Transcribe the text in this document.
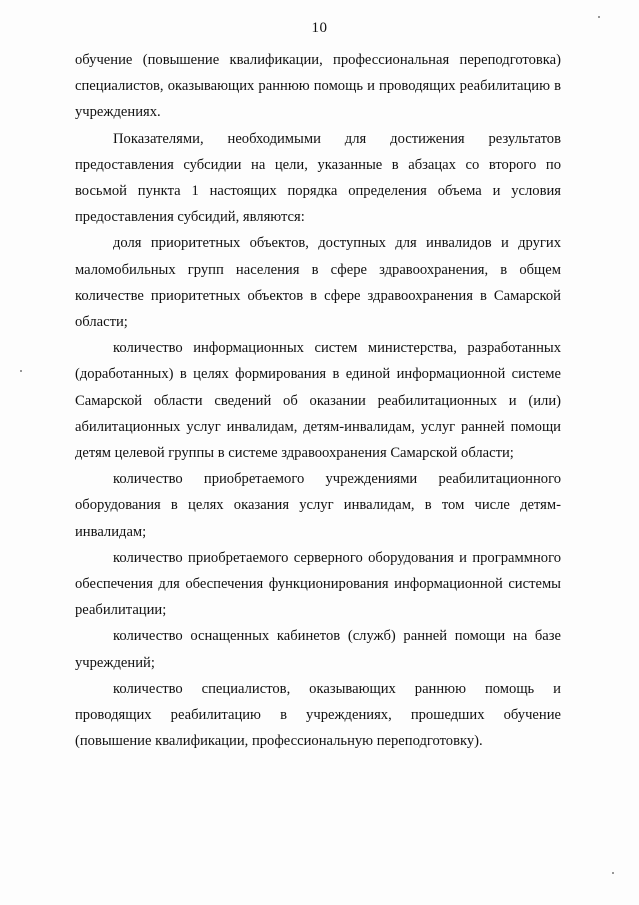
10

обучение (повышение квалификации, профессиональная переподготовка) специалистов, оказывающих раннюю помощь и проводящих реабилитацию в учреждениях.

Показателями, необходимыми для достижения результатов предоставления субсидии на цели, указанные в абзацах со второго по восьмой пункта 1 настоящих порядка определения объема и условия предоставления субсидий, являются:

доля приоритетных объектов, доступных для инвалидов и других маломобильных групп населения в сфере здравоохранения, в общем количестве приоритетных объектов в сфере здравоохранения в Самарской области;

количество информационных систем министерства, разработанных (доработанных) в целях формирования в единой информационной системе Самарской области сведений об оказании реабилитационных и (или) абилитационных услуг инвалидам, детям-инвалидам, услуг ранней помощи детям целевой группы в системе здравоохранения Самарской области;

количество приобретаемого учреждениями реабилитационного оборудования в целях оказания услуг инвалидам, в том числе детям-инвалидам;

количество приобретаемого серверного оборудования и программного обеспечения для обеспечения функционирования информационной системы реабилитации;

количество оснащенных кабинетов (служб) ранней помощи на базе учреждений;

количество специалистов, оказывающих раннюю помощь и проводящих реабилитацию в учреждениях, прошедших обучение (повышение квалификации, профессиональную переподготовку).
